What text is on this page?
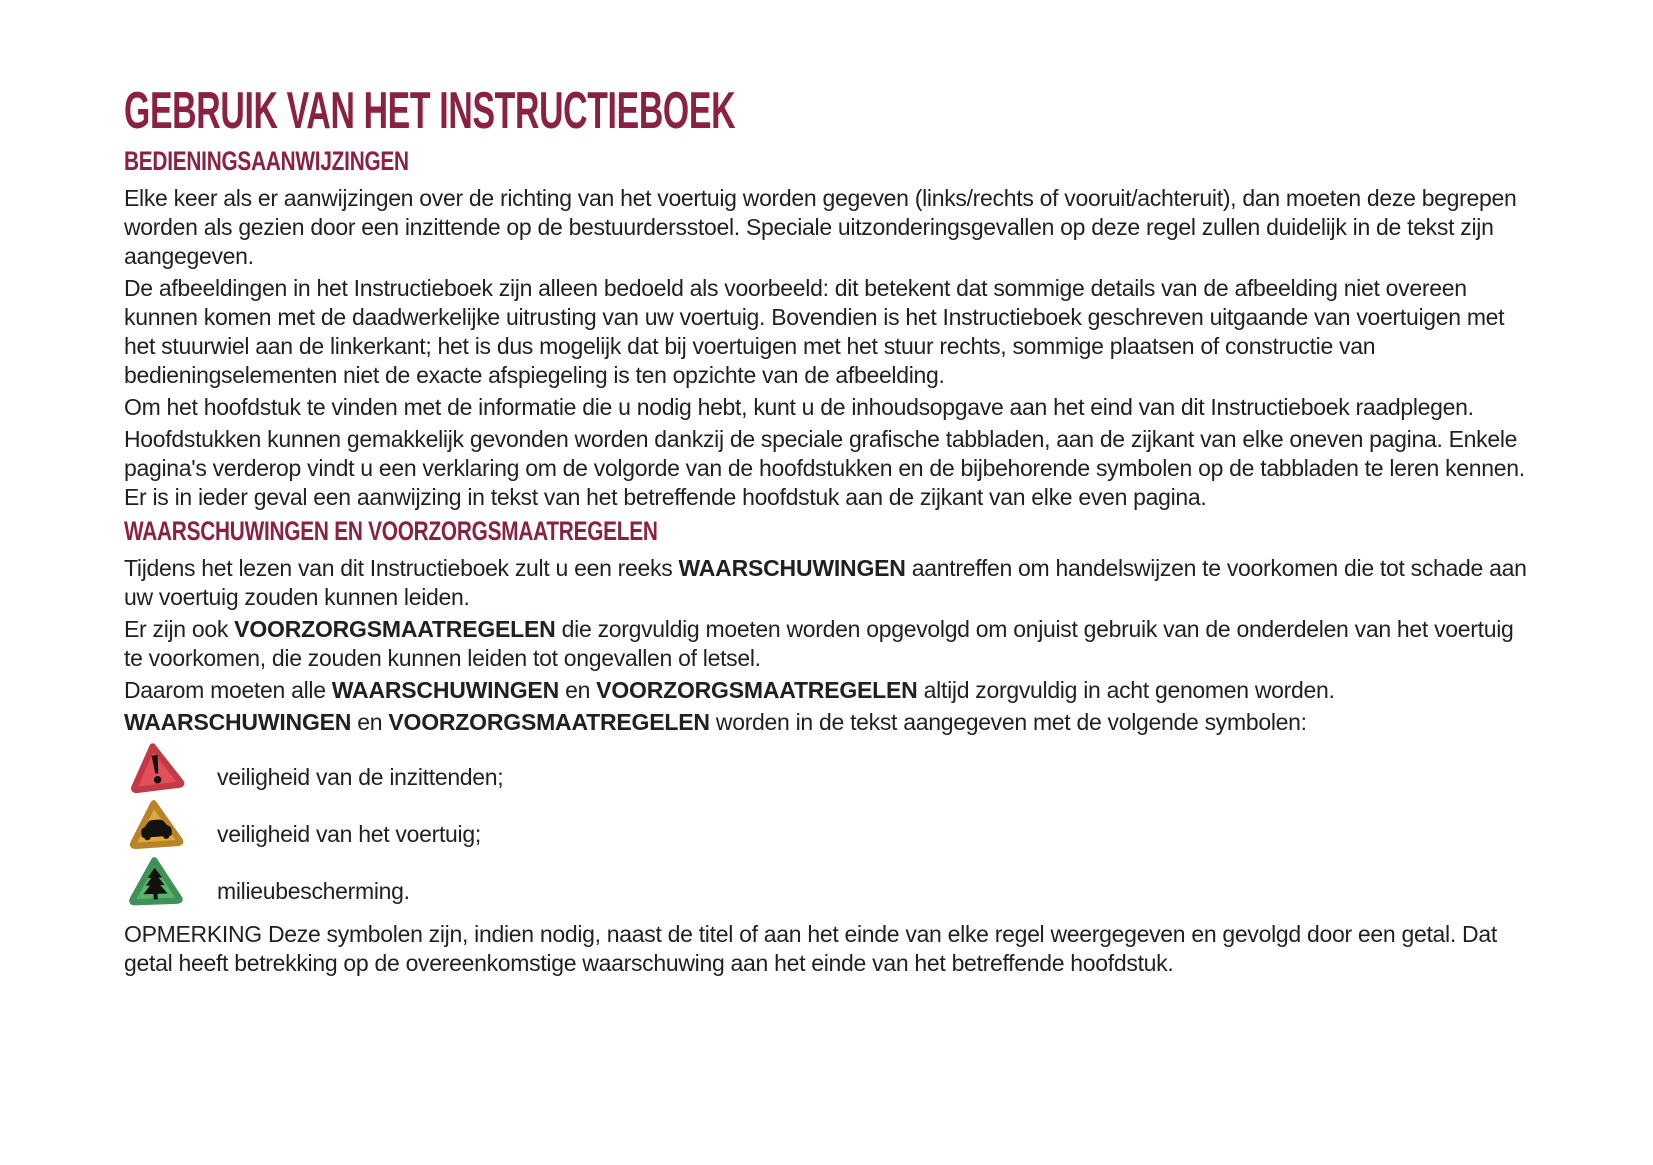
GEBRUIK VAN HET INSTRUCTIEBOEK
BEDIENINGSAANWIJZINGEN

Elke keer als er aanwijzingen over de richting van het voertuig worden gegeven (links/rechts of vooruit/achteruit), dan moeten deze begrepen worden als gezien door een inzittende op de bestuurdersstoel. Speciale uitzonderingsgevallen op deze regel zullen duidelijk in de tekst zijn aangegeven.

De afbeeldingen in het Instructieboek zijn alleen bedoeld als voorbeeld: dit betekent dat sommige details van de afbeelding niet overeen kunnen komen met de daadwerkelijke uitrusting van uw voertuig. Bovendien is het Instructieboek geschreven uitgaande van voertuigen met het stuurwiel aan de linkerkant; het is dus mogelijk dat bij voertuigen met het stuur rechts, sommige plaatsen of constructie van bedieningselementen niet de exacte afspiegeling is ten opzichte van de afbeelding.

Om het hoofdstuk te vinden met de informatie die u nodig hebt, kunt u de inhoudsopgave aan het eind van dit Instructieboek raadplegen.

Hoofdstukken kunnen gemakkelijk gevonden worden dankzij de speciale grafische tabbladen, aan de zijkant van elke oneven pagina. Enkele pagina's verderop vindt u een verklaring om de volgorde van de hoofdstukken en de bijbehorende symbolen op de tabbladen te leren kennen. Er is in ieder geval een aanwijzing in tekst van het betreffende hoofdstuk aan de zijkant van elke even pagina.

WAARSCHUWINGEN EN VOORZORGSMAATREGELEN

Tijdens het lezen van dit Instructieboek zult u een reeks WAARSCHUWINGEN aantreffen om handelswijzen te voorkomen die tot schade aan uw voertuig zouden kunnen leiden.

Er zijn ook VOORZORGSMAATREGELEN die zorgvuldig moeten worden opgevolgd om onjuist gebruik van de onderdelen van het voertuig te voorkomen, die zouden kunnen leiden tot ongevallen of letsel.

Daarom moeten alle WAARSCHUWINGEN en VOORZORGSMAATREGELEN altijd zorgvuldig in acht genomen worden.

WAARSCHUWINGEN en VOORZORGSMAATREGELEN worden in de tekst aangegeven met de volgende symbolen:

veiligheid van de inzittenden;
veiligheid van het voertuig;
milieubescherming.

OPMERKING Deze symbolen zijn, indien nodig, naast de titel of aan het einde van elke regel weergegeven en gevolgd door een getal. Dat getal heeft betrekking op de overeenkomstige waarschuwing aan het einde van het betreffende hoofdstuk.
